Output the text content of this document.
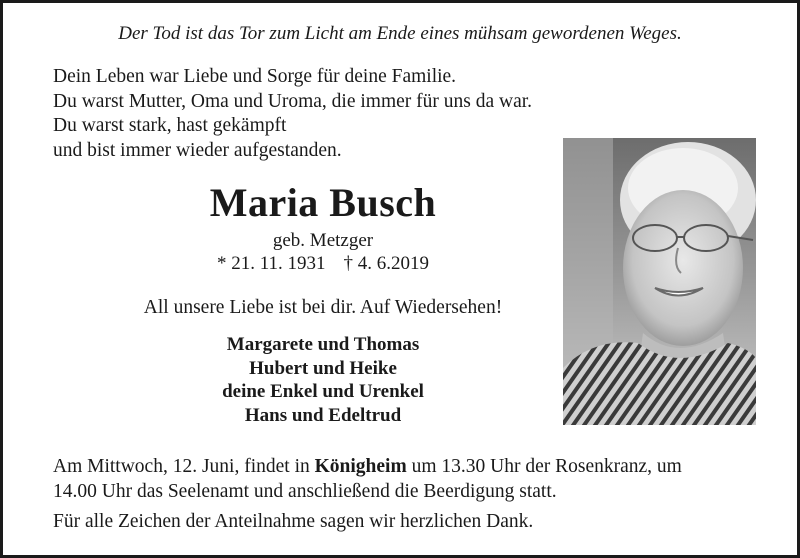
Der Tod ist das Tor zum Licht am Ende eines mühsam gewordenen Weges.
Dein Leben war Liebe und Sorge für deine Familie.
Du warst Mutter, Oma und Uroma, die immer für uns da war.
Du warst stark, hast gekämpft
und bist immer wieder aufgestanden.
Maria Busch
geb. Metzger
* 21. 11. 1931 † 4. 6.2019
All unsere Liebe ist bei dir. Auf Wiedersehen!
Margarete und Thomas
Hubert und Heike
deine Enkel und Urenkel
Hans und Edeltrud
Am Mittwoch, 12. Juni, findet in Königheim um 13.30 Uhr der Rosenkranz, um
14.00 Uhr das Seelenamt und anschließend die Beerdigung statt.
Für alle Zeichen der Anteilnahme sagen wir herzlichen Dank.
